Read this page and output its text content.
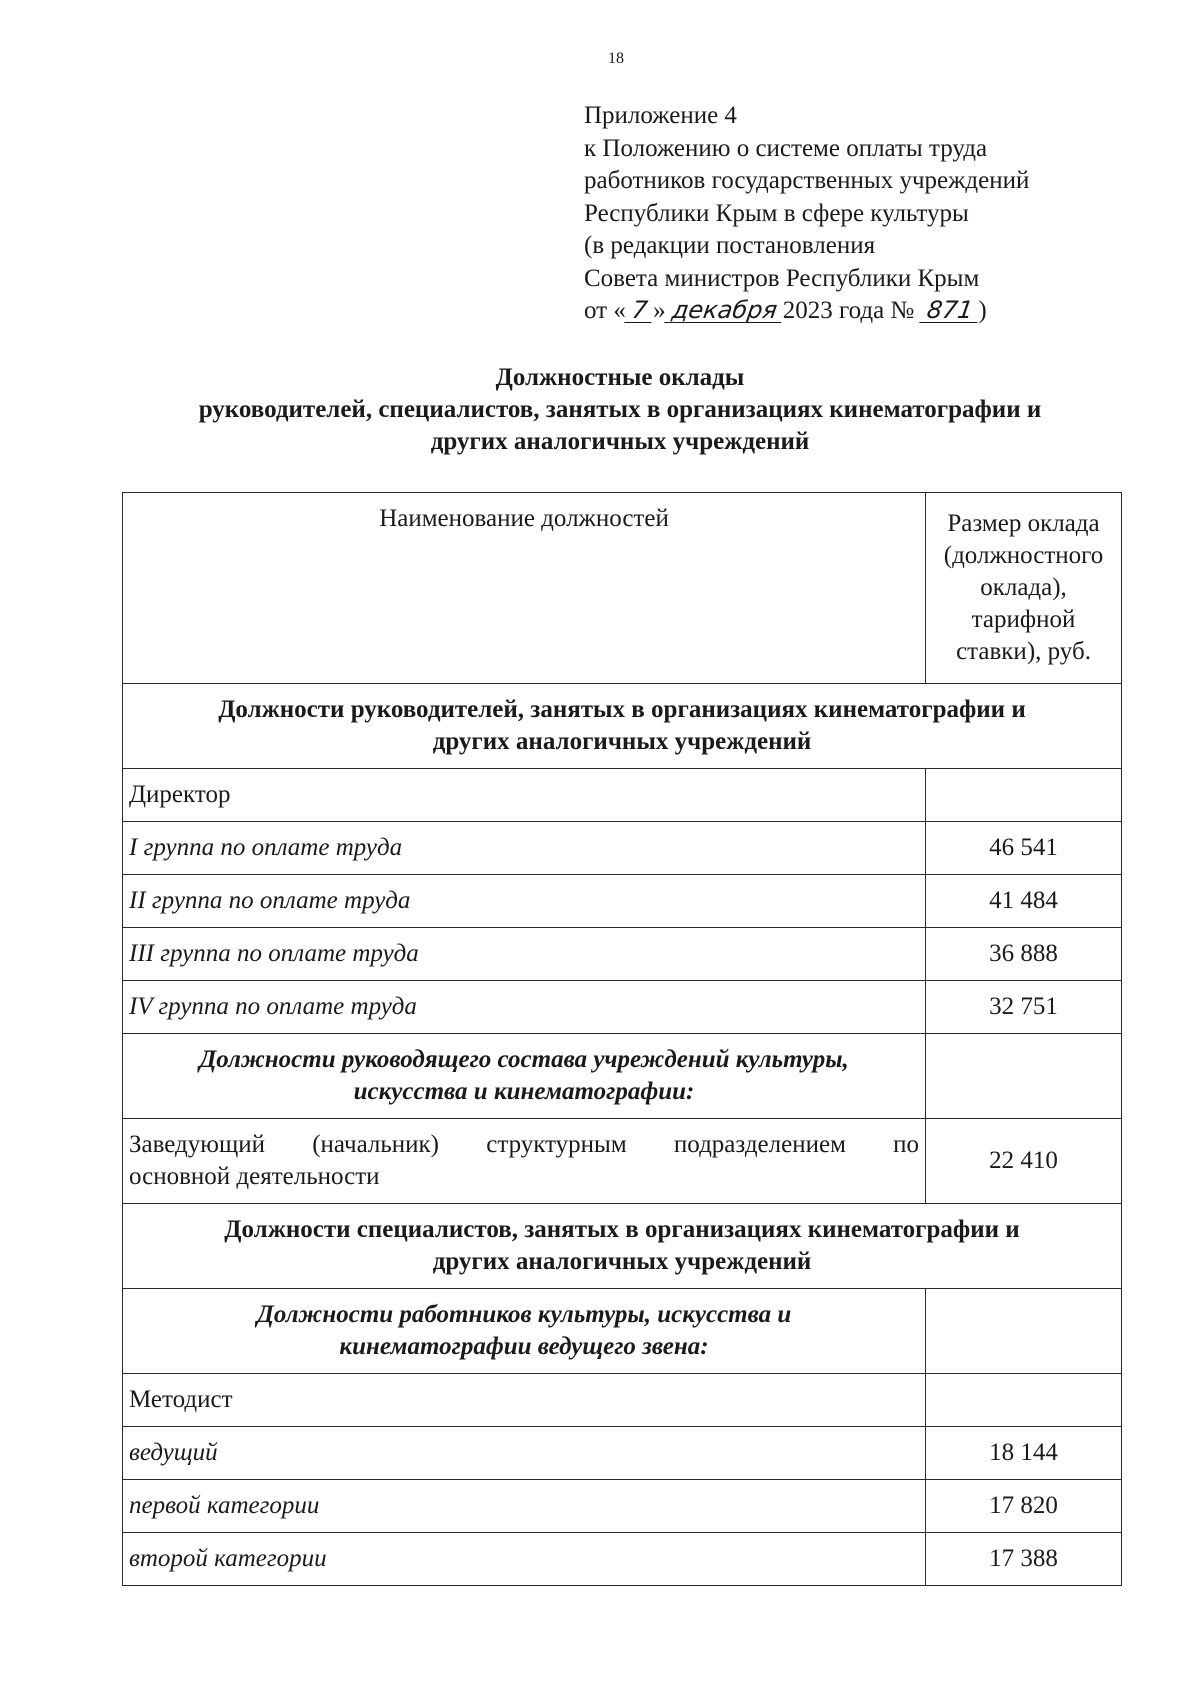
18
Приложение 4
к Положению о системе оплаты труда
работников государственных учреждений
Республики Крым в сфере культуры
(в редакции постановления
Совета министров Республики Крым
от « 7 » декабря 2023 года № 871 )
Должностные оклады
руководителей, специалистов, занятых в организациях кинематографии и
других аналогичных учреждений
Наименование должностей	Размер оклада
(должностного
оклада),
тарифной
ставки), руб.

Должности руководителей, занятых в организациях кинематографии и
других аналогичных учреждений	

Директор	
I группа по оплате труда	46 541
II группа по оплате труда	41 484
III группа по оплате труда	36 888
IV группа по оплате труда	32 751

Должности руководящего состава учреждений культуры,
искусства и кинематографии:	

Заведующий (начальник) структурным подразделением по
основной деятельности	22 410

Должности специалистов, занятых в организациях кинематографии и
других аналогичных учреждений	

Должности работников культуры, искусства и
кинематографии ведущего звена:	

Методист	
ведущий	18 144
первой категории	17 820
второй категории	17 388
